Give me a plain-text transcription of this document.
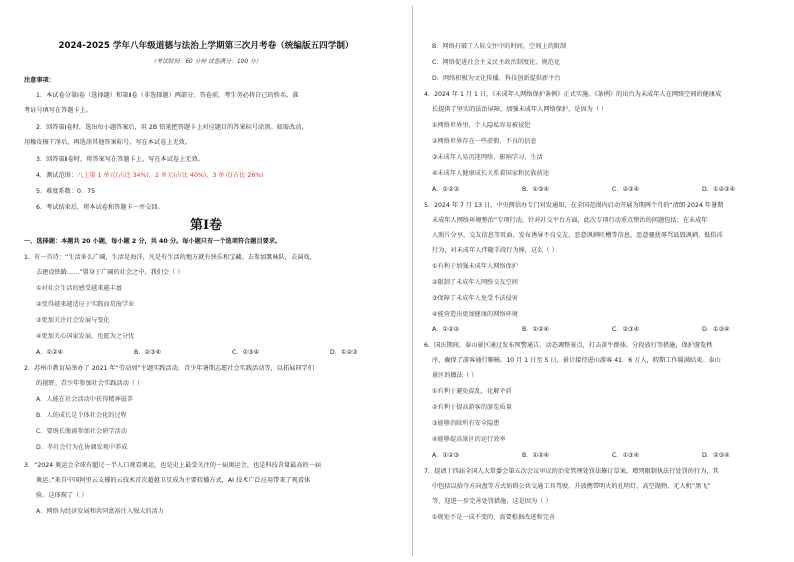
2024-2025 学年八年级道德与法治上学期第三次月考卷（统编版五四学制）
（考试时间：60 分钟 试卷满分：100 分）
注意事项：
1．本试卷分第Ⅰ卷（选择题）和第Ⅱ卷（非选择题）两部分。答卷前，考生务必将自己的姓名、准
考证号填写在答题卡上。
2．回答第Ⅰ卷时，选出每小题答案后，用 2B 铅笔把答题卡上对应题目的答案标号涂黑。如需改动，
用橡皮擦干净后，再选涂其他答案标号。写在本试卷上无效。
3．回答第Ⅱ卷时，将答案写在答题卡上。写在本试卷上无效。
4．测试范围：八上第 1 单元(占比 34%)、2 单元(占比 40%)、3 单元(占比 26%)
5．难度系数：0．75
6．考试结束后，将本试卷和答题卡一并交回。
第Ⅰ卷
一、选择题：本题共 20 小题，每小题 2 分，共 40 分。每小题只有一个选项符合题目要求。
1．有一首诗：“生活多么广阔，生活是海洋，凡是有生活的地方就有快乐和宝藏。去参加歌咏队，去演戏，
去建设铁路……”置身于广阔的社会之中，我们会（ ）
①对社会生活的感受越来越丰富
②变得越来越适应于实践而荒废学业
③更加关注社会发展与变化
④更加关心国家发展，也愿为之分忧
A．①②④	B．②③④	C．①③④	D．①②③
2．苏州市教育局举办了 2021 年“劳动周”主题实践活动，青少年暑期志愿社会实践活动等，以拓展同学们
的视野。青少年参加社会实践活动（ ）
A．人能在社会活动中获得精神滋养
B．人的成长是个体社会化的过程
C．要既长脱离参加社会研学活动
D．孝社会行为在协调发观中养成
3．“2024 奥运会全球有超过一半人口观看奥运，也是史上最受关注的一届奥运会，也是科技含量最高的一届
奥运。”来自中国阿里云支撑的云技术首次超越卫星成为主要转播方式，AI 技术广泛应用带来了观看体
验。这体现了（ ）
A．网络为经济发展和共同富裕注入强大的活力
B．网络打破了人际交往中的时间，空间上的限制
C．网络促进社会主义民主政治制度化、规范化
D．网络积极为文化传播、科技创新提供新平台
4．2024 年 1 月 1 日，《未成年人网络保护条例》正式实施。《条例》的出台为未成年人在网络空间的健康成
长提供了坚实的法治屏障，加强未成年人网络保护，是因为（ ）
①网络世界里，个人隐私容易被侵犯
②网络世界存在一些虚假、不良的信息
③未成年人易沉迷网络，影响学习、生活
④未成年人健康成长关系着国家和民族前途
A．①②③	B．①③④	C．②③④	D．①②③④
5．2024 年 7 月 13 日，中央网信办专门对发通知，在全国范围内启动开展为期两个月的“清朗·2024 年暑期
未成年人网络环境整治”专项行动，针对社交平台方面，此次专项行动重点整治的问题包括：在未成年
人照片分享、交友信息等页面，发布诱导不良交友、恶意讽刺吐槽等信息，恶意骚扰辱骂诋毁讽刺、低俗淫
行为，对未成年人伴随手段行为捧，这么（ ）
①有利于加强未成年人网络保护
②限制了未成年人网络交友空间
③保障了未成年人免受不法侵害
④能营造出更加健康的网络环境
A．①②③	B．①②④	C．②③④	D．①③④
6．国庆期间，泰山景区通过发布预警通告，动态调整景点，打击黄牛群体，分段放行等措施，保护游览秩
序，确保了游客通行顺畅。10 月 1 日至 5 日，景计接待进山游客 41．6 万人，假期工作圆满结束。泰山
景区的做法（ ）
①有利于避免混乱，化解矛盾
②有利于提高游客的游览质量
③能够消除所有安全隐患
④能够提高景区的运行效率
A．①②③	B．①②④	C．①③④	D．②③④
7．提请十四届全国人大常委会第五次会议审议的治安管理处罚法修订草案，增列限制执法行处罚的行为，其
中包括以拾夺方向盘等方式妨碍公共交通工具驾驶、升放携带明火的孔明灯、高空抛物、无人机“黑飞”
等，迎进一步完善处罚措施，这是因为（ ）
①规矩不是一成不变的，需要根据改进和完善
